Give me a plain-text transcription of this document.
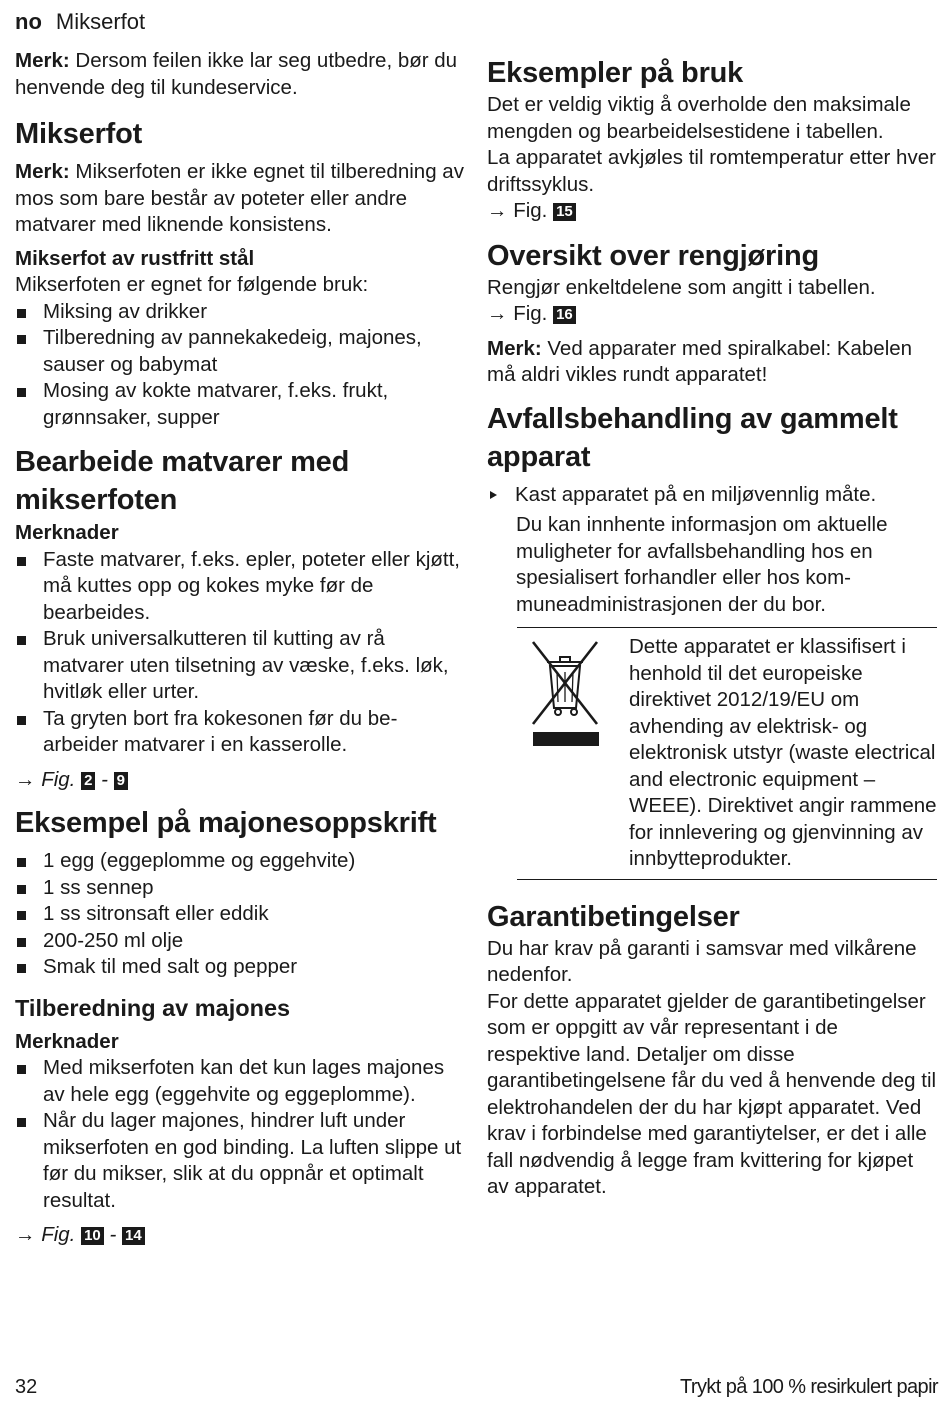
no Mikserfot

Merk: Dersom feilen ikke lar seg utbedre, bør du henvende deg til kundeservice.

Mikserfot

Merk: Mikserfoten er ikke egnet til tilberedning av mos som bare består av poteter eller andre matvarer med liknende konsistens.

Mikserfot av rustfritt stål

Mikserfoten er egnet for følgende bruk:

Miksing av drikker
Tilberedning av pannekakedeig, majones, sauser og babymat
Mosing av kokte matvarer, f.eks. frukt, grønnsaker, supper
Bearbeide matvarer med mikserfoten
Merknader
Faste matvarer, f.eks. epler, poteter eller kjøtt, må kuttes opp og kokes myke før de bearbeides.
Bruk universalkutteren til kutting av rå matvarer uten tilsetning av væske, f.eks. løk, hvitløk eller urter.
Ta gryten bort fra kokesonen før du bearbeider matvarer i en kasserolle.

→ Fig. 2 - 9

Eksempel på majonesoppskrift
1 egg (eggeplomme og eggehvite)
1 ss sennep
1 ss sitronsaft eller eddik
200-250 ml olje
Smak til med salt og pepper
Tilberedning av majones
Merknader
Med mikserfoten kan det kun lages majones av hele egg (eggehvite og eggeplomme).
Når du lager majones, hindrer luft under mikserfoten en god binding. La luften slippe ut før du mikser, slik at du oppnår et optimalt resultat.

→ Fig. 10 - 14

Eksempler på bruk

Det er veldig viktig å overholde den maksimale mengden og bearbeidelsestidene i tabellen.

La apparatet avkjøles til romtemperatur etter hver driftssyklus.

→ Fig. 15

Oversikt over rengjøring

Rengjør enkeltdelene som angitt i tabellen.

→ Fig. 16

Merk: Ved apparater med spiralkabel: Kabelen må aldri vikles rundt apparatet!

Avfallsbehandling av gammelt apparat

Kast apparatet på en miljøvennlig måte.

Du kan innhente informasjon om aktuelle muligheter for avfallsbehandling hos en spesialisert forhandler eller hos kommuneadministrasjonen der du bor.

Dette apparatet er klassifisert i henhold til det europeiske direktivet 2012/19/EU om avhending av elektrisk- og elektronisk utstyr (waste electrical and electronic equipment – WEEE). Direktivet angir rammene for innlevering og gjenvinning av innbytteprodukter.
Garantibetingelser

Du har krav på garanti i samsvar med vilkårene nedenfor.

For dette apparatet gjelder de garantibetingelser som er oppgitt av vår representant i de respektive land. Detaljer om disse garantibetingelsene får du ved å henvende deg til elektrohandelen der du har kjøpt apparatet. Ved krav i forbindelse med garantiytelser, er det i alle fall nødvendig å legge fram kvittering for kjøpet av apparatet.

32	Trykt på 100 % resirkulert papir
